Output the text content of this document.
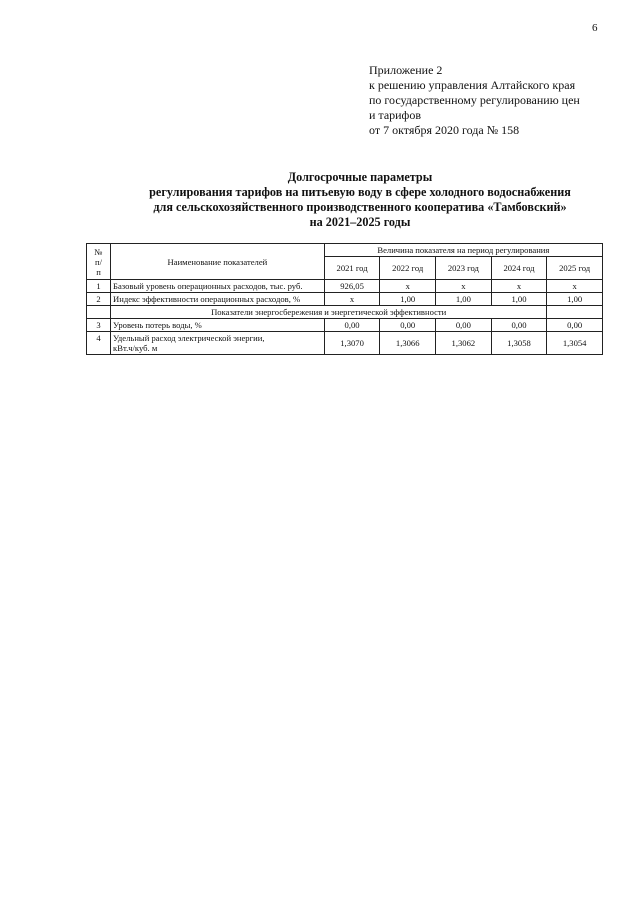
6
Приложение 2
к решению управления Алтайского края
по государственному регулированию цен
и тарифов
от 7 октября 2020 года № 158
Долгосрочные параметры
регулирования тарифов на питьевую воду в сфере холодного водоснабжения
для сельскохозяйственного производственного кооператива «Тамбовский»
на 2021–2025 годы
№
п/
п	Наименование показателей	Величина показателя на период регулирования				
		2021 год	2022 год	2023 год	2024 год	2025 год
1	Базовый уровень операционных расходов, тыс. руб.	926,05	х	х	х	х
2	Индекс эффективности операционных расходов, %	х	1,00	1,00	1,00	1,00
	Показатели энергосбережения и энергетической эффективности					
3	Уровень потерь воды, %	0,00	0,00	0,00	0,00	0,00
4	Удельный расход электрической энергии,
кВт.ч/куб. м	1,3070	1,3066	1,3062	1,3058	1,3054
